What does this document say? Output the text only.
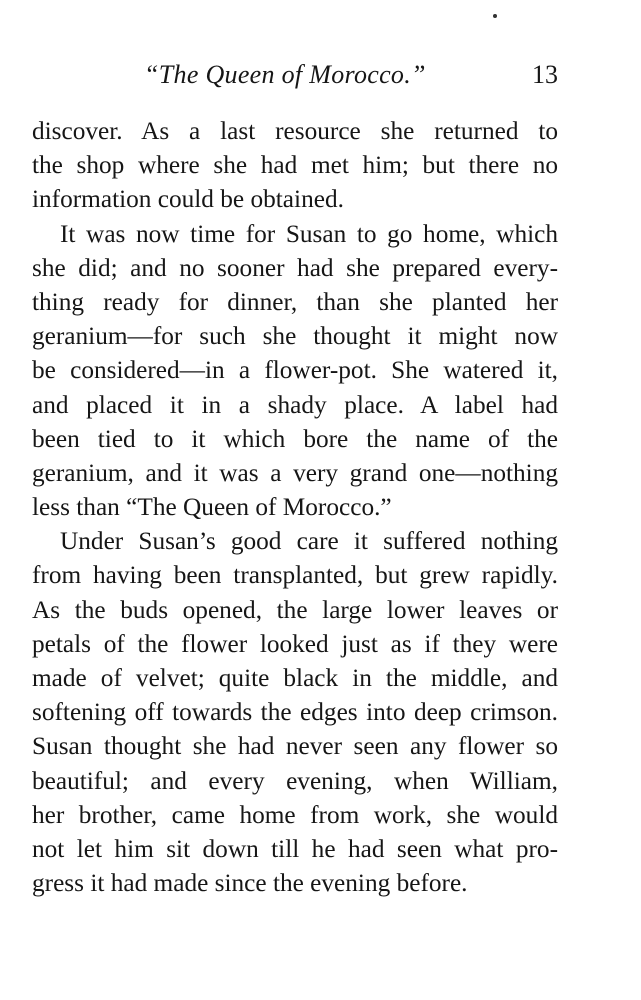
“The Queen of Morocco.”	13
discover. As a last resource she returned to
the shop where she had met him; but there no
information could be obtained.
It was now time for Susan to go home, which
she did; and no sooner had she prepared every-
thing ready for dinner, than she planted her
geranium—for such she thought it might now
be considered—in a flower-pot. She watered it,
and placed it in a shady place. A label had
been tied to it which bore the name of the
geranium, and it was a very grand one—nothing
less than “The Queen of Morocco.”
Under Susan’s good care it suffered nothing
from having been transplanted, but grew rapidly.
As the buds opened, the large lower leaves or
petals of the flower looked just as if they were
made of velvet; quite black in the middle, and
softening off towards the edges into deep crimson.
Susan thought she had never seen any flower so
beautiful; and every evening, when William,
her brother, came home from work, she would
not let him sit down till he had seen what pro-
gress it had made since the evening before.
